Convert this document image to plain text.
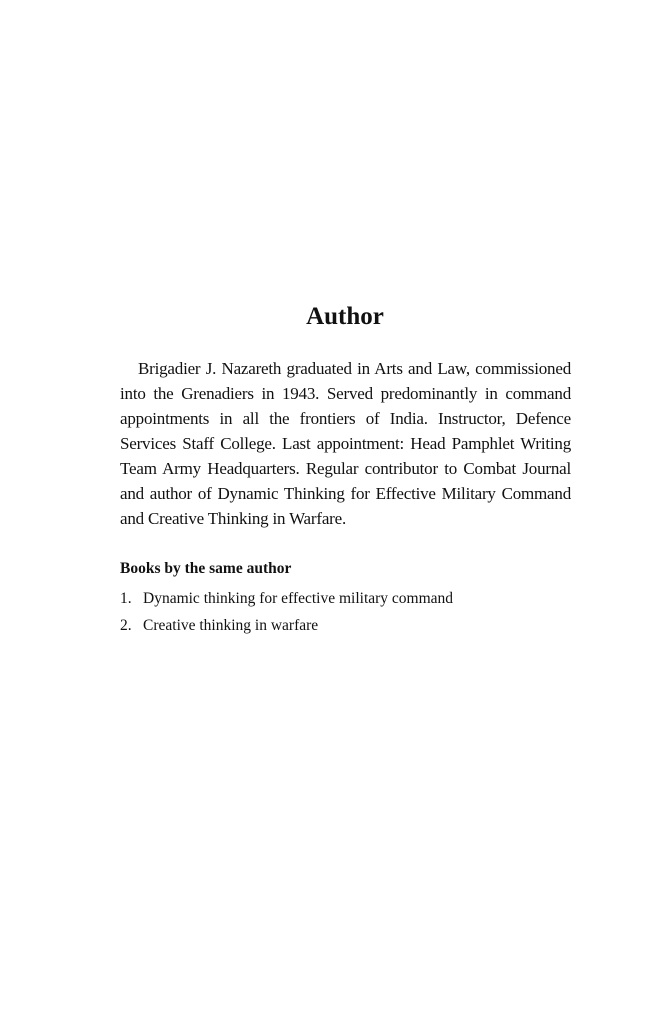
Author

Brigadier J. Nazareth graduated in Arts and Law, commissioned into the Grenadiers in 1943. Served predominantly in command appointments in all the frontiers of India. Instructor, Defence Services Staff College. Last appointment: Head Pamphlet Writing Team Army Headquarters. Regular contributor to Combat Journal and author of Dynamic Thinking for Effective Military Command and Creative Thinking in Warfare.

Books by the same author
1. Dynamic thinking for effective military command
2. Creative thinking in warfare
